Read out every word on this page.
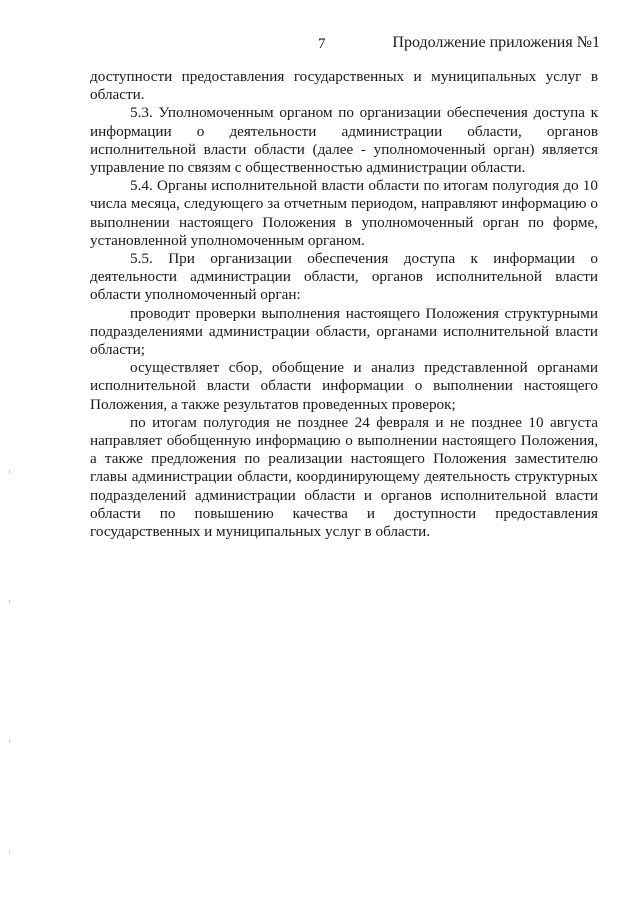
7	Продолжение приложения №1

доступности предоставления государственных и муниципальных услуг в области.

5.3. Уполномоченным органом по организации обеспечения доступа к информации о деятельности администрации области, органов исполнительной власти области (далее - уполномоченный орган) является управление по связям с общественностью администрации области.

5.4. Органы исполнительной власти области по итогам полугодия до 10 числа месяца, следующего за отчетным периодом, направляют информацию о выполнении настоящего Положения в уполномоченный орган по форме, установленной уполномоченным органом.

5.5. При организации обеспечения доступа к информации о деятельности администрации области, органов исполнительной власти области уполномоченный орган:

проводит проверки выполнения настоящего Положения структурными подразделениями администрации области, органами исполнительной власти области;

осуществляет сбор, обобщение и анализ представленной органами исполнительной власти области информации о выполнении настоящего Положения, а также результатов проведенных проверок;

по итогам полугодия не позднее 24 февраля и не позднее 10 августа направляет обобщенную информацию о выполнении настоящего Положения, а также предложения по реализации настоящего Положения заместителю главы администрации области, координирующему деятельность структурных подразделений администрации области и органов исполнительной власти области по повышению качества и доступности предоставления государственных и муниципальных услуг в области.
